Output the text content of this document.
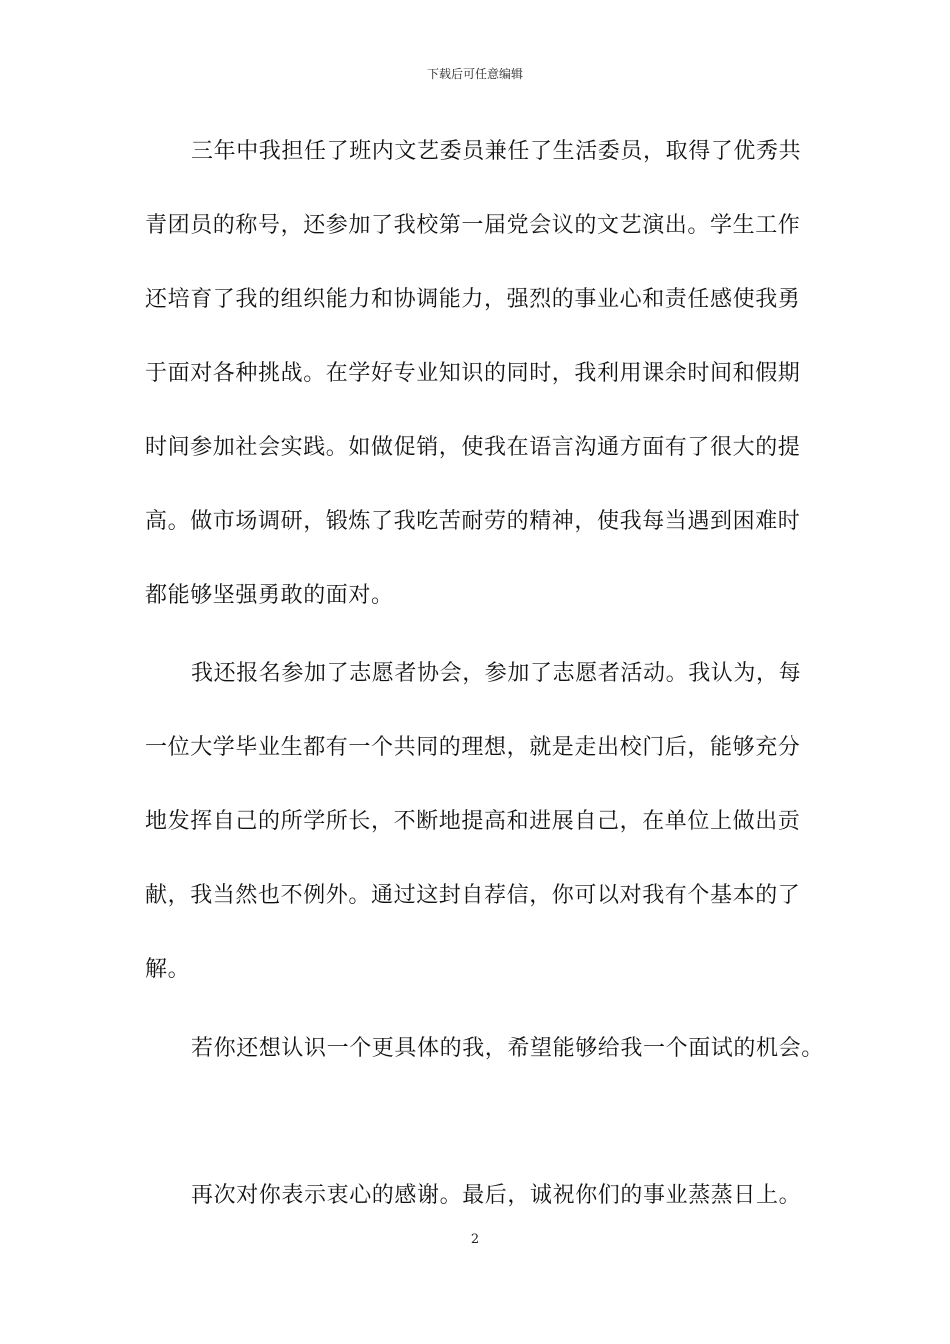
下载后可任意编辑
三年中我担任了班内文艺委员兼任了生活委员，取得了优秀共
青团员的称号，还参加了我校第一届党会议的文艺演出。学生工作
还培育了我的组织能力和协调能力，强烈的事业心和责任感使我勇
于面对各种挑战。在学好专业知识的同时，我利用课余时间和假期
时间参加社会实践。如做促销，使我在语言沟通方面有了很大的提
高。做市场调研，锻炼了我吃苦耐劳的精神，使我每当遇到困难时
都能够坚强勇敢的面对。
我还报名参加了志愿者协会，参加了志愿者活动。我认为，每
一位大学毕业生都有一个共同的理想，就是走出校门后，能够充分
地发挥自己的所学所长，不断地提高和进展自己，在单位上做出贡
献，我当然也不例外。通过这封自荐信，你可以对我有个基本的了
解。
若你还想认识一个更具体的我，希望能够给我一个面试的机会。
再次对你表示衷心的感谢。最后，诚祝你们的事业蒸蒸日上。
2
